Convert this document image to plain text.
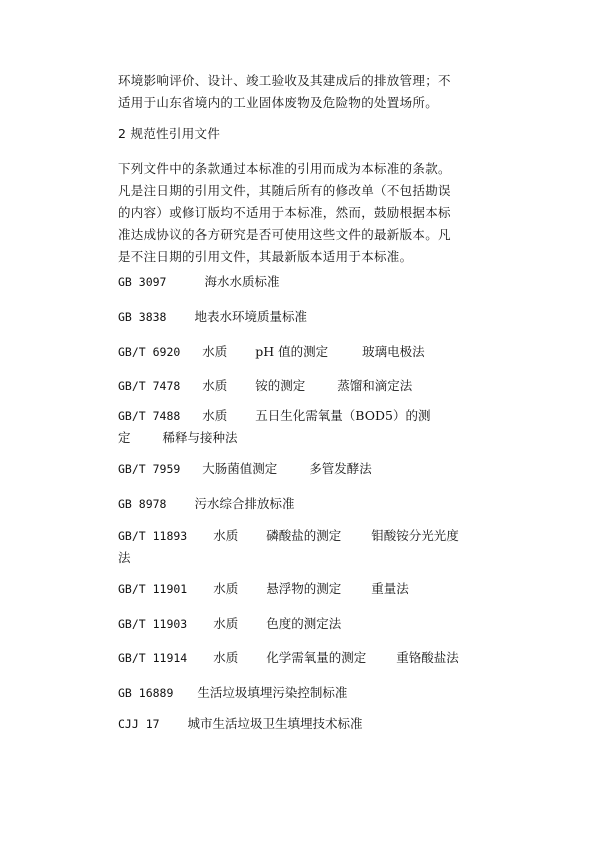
环境影响评价、设计、竣工验收及其建成后的排放管理；不
适用于山东省境内的工业固体废物及危险物的处置场所。
2 规范性引用文件
下列文件中的条款通过本标准的引用而成为本标准的条款。
凡是注日期的引用文件，其随后所有的修改单（不包括勘误
的内容）或修订版均不适用于本标准，然而，鼓励根据本标
准达成协议的各方研究是否可使用这些文件的最新版本。凡
是不注日期的引用文件，其最新版本适用于本标准。
GB 3097	海水水质标准
GB 3838 地表水环境质量标准
GB/T 6920 水质 pH 值的测定	玻璃电极法
GB/T 7478 水质 铵的测定	蒸馏和滴定法
GB/T 7488 水质 五日生化需氧量（BOD5）的测
定	稀释与接种法
GB/T 7959 大肠菌值测定	多管发酵法
GB 8978 污水综合排放标准
GB/T 11893 水质 磷酸盐的测定 钼酸铵分光光度
法
GB/T 11901 水质 悬浮物的测定 重量法
GB/T 11903 水质 色度的测定法
GB/T 11914 水质 化学需氧量的测定 重铬酸盐法
GB 16889 生活垃圾填埋污染控制标准
CJJ 17 城市生活垃圾卫生填埋技术标准
